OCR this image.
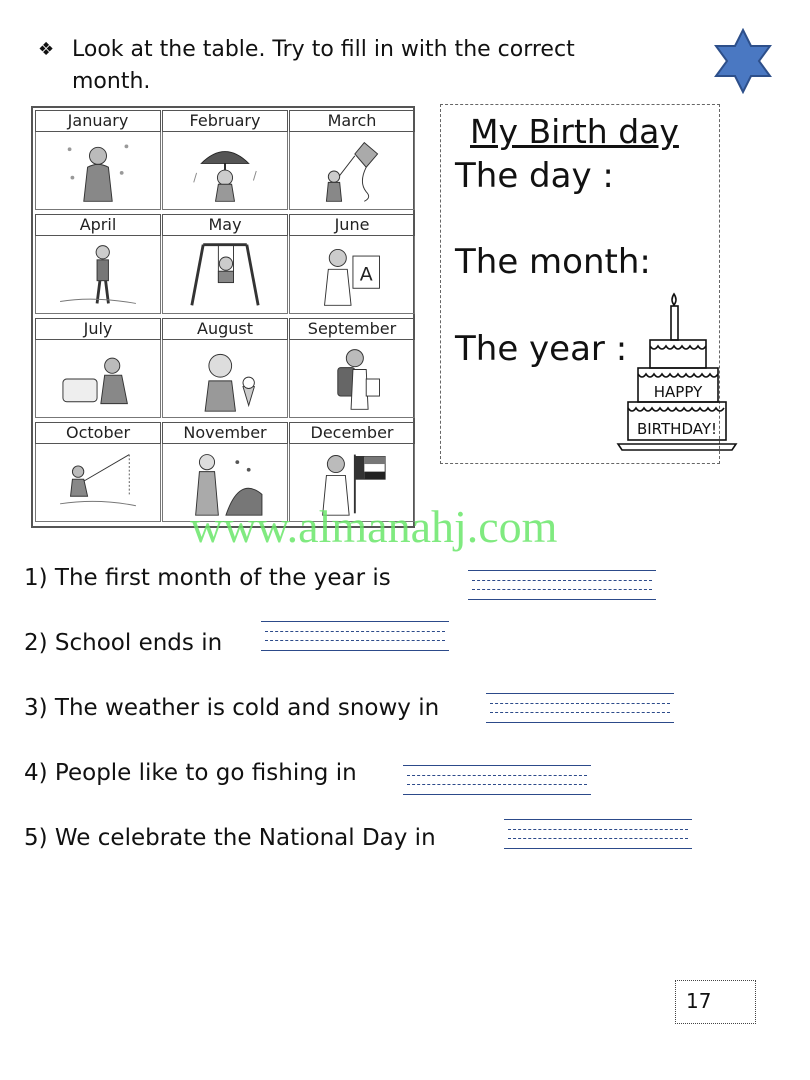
❖ Look at the table. Try to fill in with the correct month.
January	February	March
April	May	June
A
July	August	September
October	November	December
My Birth day
The day :
The month:
The year :
HAPPY
BIRTHDAY!
www.almanahj.com
1) The first month of the year is
2) School ends in
3) The weather is cold and snowy in
4) People like to go fishing in
5) We celebrate the National Day in
17
